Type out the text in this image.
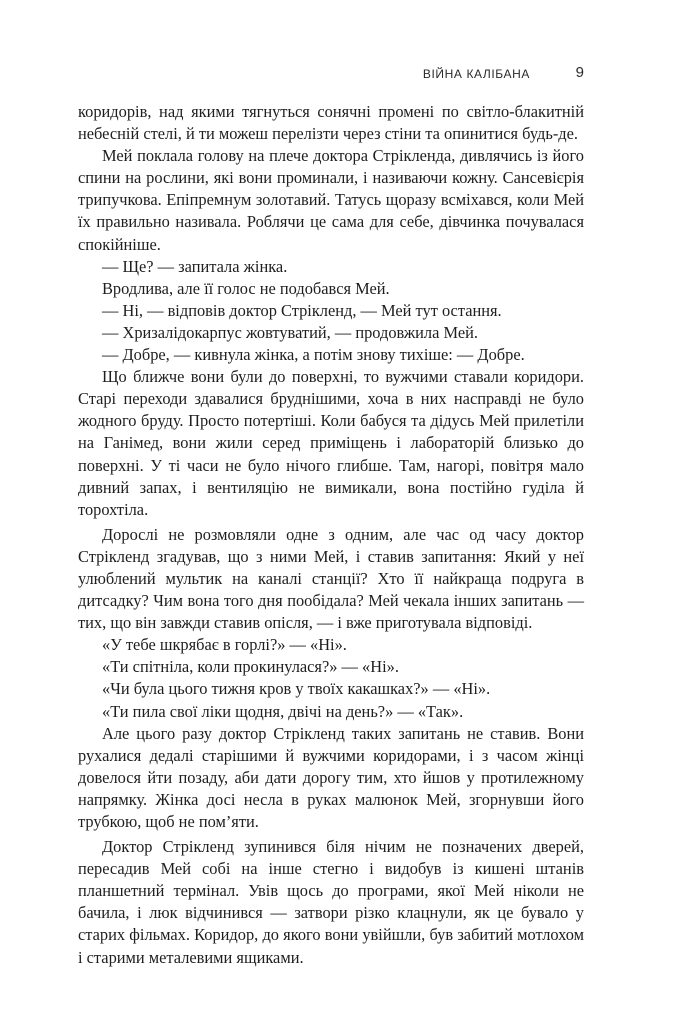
ВІЙНА КАЛІБАНА	9

коридорів, над якими тягнуться сонячні промені по світло-блакитній небесній стелі, й ти можеш перелізти через стіни та опинитися будь-де.

Мей поклала голову на плече доктора Стрікленда, дивлячись із його спини на рослини, які вони проминали, і називаючи кожну. Сансевієрія трипучкова. Епіпремнум золотавий. Татусь щоразу всміхався, коли Мей їх правильно називала. Роблячи це сама для себе, дівчинка почувалася спокійніше.

— Ще? — запитала жінка.

Вродлива, але її голос не подобався Мей.

— Ні, — відповів доктор Стрікленд, — Мей тут остання.

— Хризалідокарпус жовтуватий, — продовжила Мей.

— Добре, — кивнула жінка, а потім знову тихіше: — Добре.

Що ближче вони були до поверхні, то вужчими ставали коридори. Старі переходи здавалися бруднішими, хоча в них насправді не було жодного бруду. Просто потертіші. Коли бабуся та дідусь Мей прилетіли на Ганімед, вони жили серед приміщень і лабораторій близько до поверхні. У ті часи не було нічого глибше. Там, нагорі, повітря мало дивний запах, і вентиляцію не вимикали, вона постійно гуділа й торохтіла.

Дорослі не розмовляли одне з одним, але час од часу доктор Стрікленд згадував, що з ними Мей, і ставив запитання: Який у неї улюблений мультик на каналі станції? Хто її найкраща подруга в дитсадку? Чим вона того дня пообідала? Мей чекала інших запитань — тих, що він завжди ставив опісля, — і вже приготувала відповіді.

«У тебе шкрябає в горлі?» — «Ні».

«Ти спітніла, коли прокинулася?» — «Ні».

«Чи була цього тижня кров у твоїх какашках?» — «Ні».

«Ти пила свої ліки щодня, двічі на день?» — «Так».

Але цього разу доктор Стрікленд таких запитань не ставив. Вони рухалися дедалі старішими й вужчими коридорами, і з часом жінці довелося йти позаду, аби дати дорогу тим, хто йшов у протилежному напрямку. Жінка досі несла в руках малюнок Мей, згорнувши його трубкою, щоб не пом’яти.

Доктор Стрікленд зупинився біля нічим не позначених дверей, пересадив Мей собі на інше стегно і видобув із кишені штанів планшетний термінал. Увів щось до програми, якої Мей ніколи не бачила, і люк відчинився — затвори різко клацнули, як це бувало у старих фільмах. Коридор, до якого вони увійшли, був забитий мотлохом і старими металевими ящиками.
